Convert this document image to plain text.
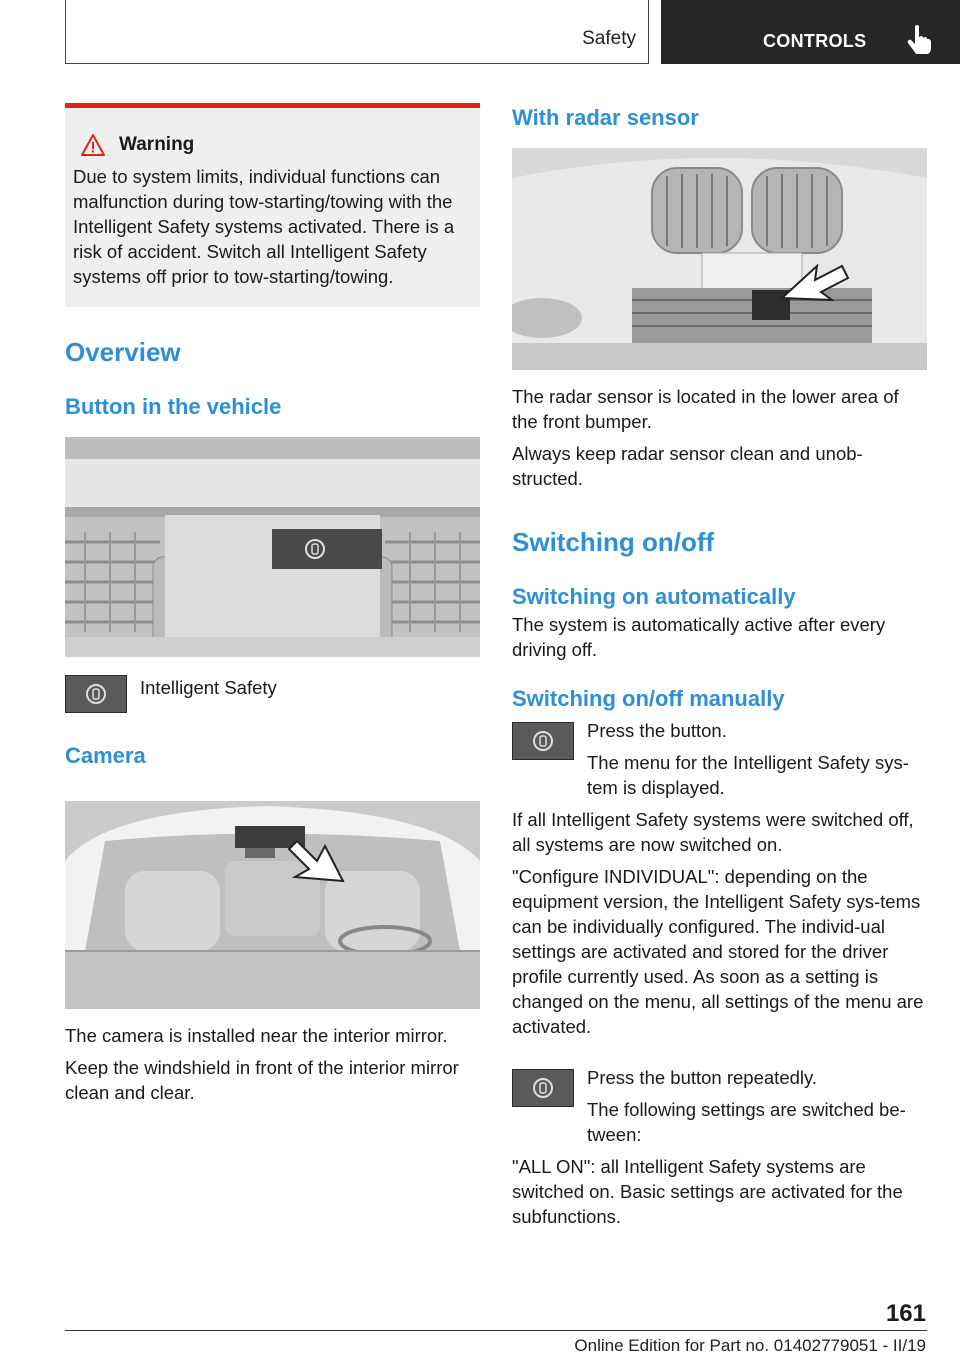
Safety	CONTROLS
Warning
Due to system limits, individual functions can malfunction during tow-starting/towing with the Intelligent Safety systems activated. There is a risk of accident. Switch all Intelligent Safety systems off prior to tow-starting/towing.
Overview
Button in the vehicle
Intelligent Safety
Camera
The camera is installed near the interior mirror.
Keep the windshield in front of the interior mirror clean and clear.
With radar sensor
The radar sensor is located in the lower area of the front bumper.
Always keep radar sensor clean and unob‐structed.
Switching on/off
Switching on automatically
The system is automatically active after every driving off.
Switching on/off manually
Press the button.
The menu for the Intelligent Safety sys‐tem is displayed.
If all Intelligent Safety systems were switched off, all systems are now switched on.
"Configure INDIVIDUAL": depending on the equipment version, the Intelligent Safety sys‐tems can be individually configured. The individ‐ual settings are activated and stored for the driver profile currently used. As soon as a setting is changed on the menu, all settings of the menu are activated.
Press the button repeatedly.
The following settings are switched be‐tween:
"ALL ON": all Intelligent Safety systems are switched on. Basic settings are activated for the subfunctions.
161
Online Edition for Part no. 01402779051 - II/19
